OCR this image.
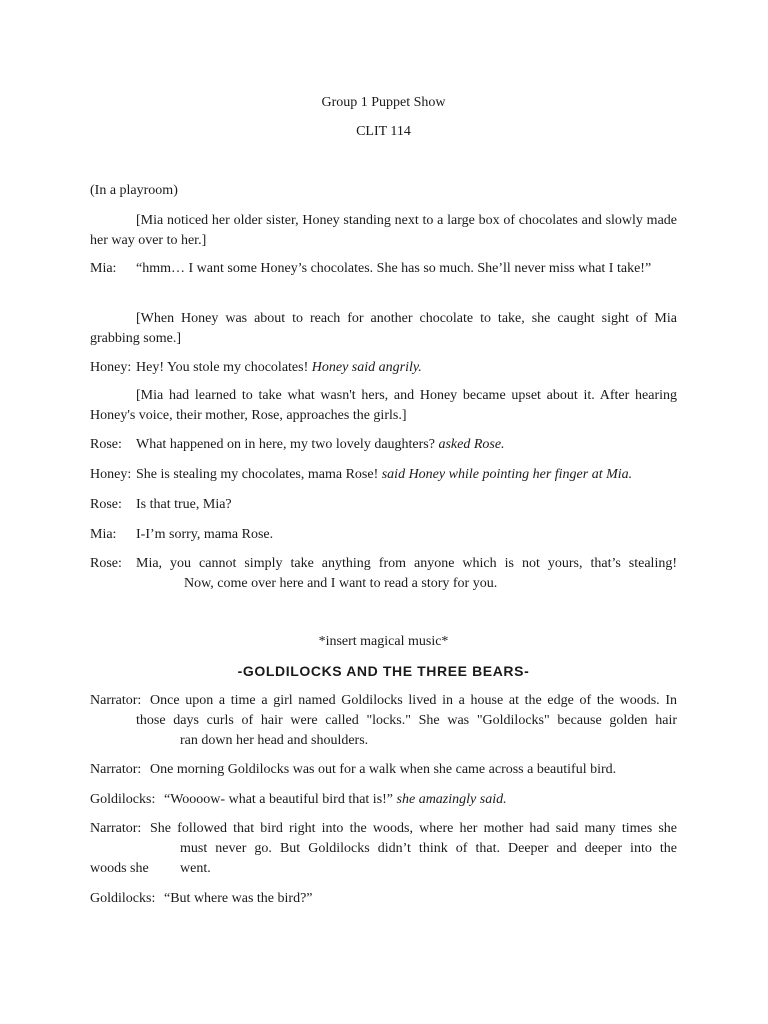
Group 1 Puppet Show
CLIT 114
(In a playroom)
[Mia noticed her older sister, Honey standing next to a large box of chocolates and slowly made her way over to her.]
Mia:	“hmm… I want some Honey’s chocolates. She has so much. She’ll never miss what I take!”
[When Honey was about to reach for another chocolate to take, she caught sight of Mia grabbing some.]
Honey: Hey! You stole my chocolates! Honey said angrily.
[Mia had learned to take what wasn't hers, and Honey became upset about it. After hearing Honey's voice, their mother, Rose, approaches the girls.]
Rose: What happened on in here, my two lovely daughters? asked Rose.
Honey: She is stealing my chocolates, mama Rose! said Honey while pointing her finger at Mia.
Rose: Is that true, Mia?
Mia: I-I’m sorry, mama Rose.
Rose: Mia, you cannot simply take anything from anyone which is not yours, that’s stealing!
Now, come over here and I want to read a story for you.
*insert magical music*
-GOLDILOCKS AND THE THREE BEARS-
Narrator: Once upon a time a girl named Goldilocks lived in a house at the edge of the woods. In
those days curls of hair were called "locks." She was "Goldilocks" because golden hair
ran down her head and shoulders.
Narrator: One morning Goldilocks was out for a walk when she came across a beautiful bird.
Goldilocks: “Woooow- what a beautiful bird that is!” she amazingly said.
Narrator: She followed that bird right into the woods, where her mother had said many times she
must never go. But Goldilocks didn’t think of that. Deeper and deeper into the
woods she went.
Goldilocks: “But where was the bird?”
